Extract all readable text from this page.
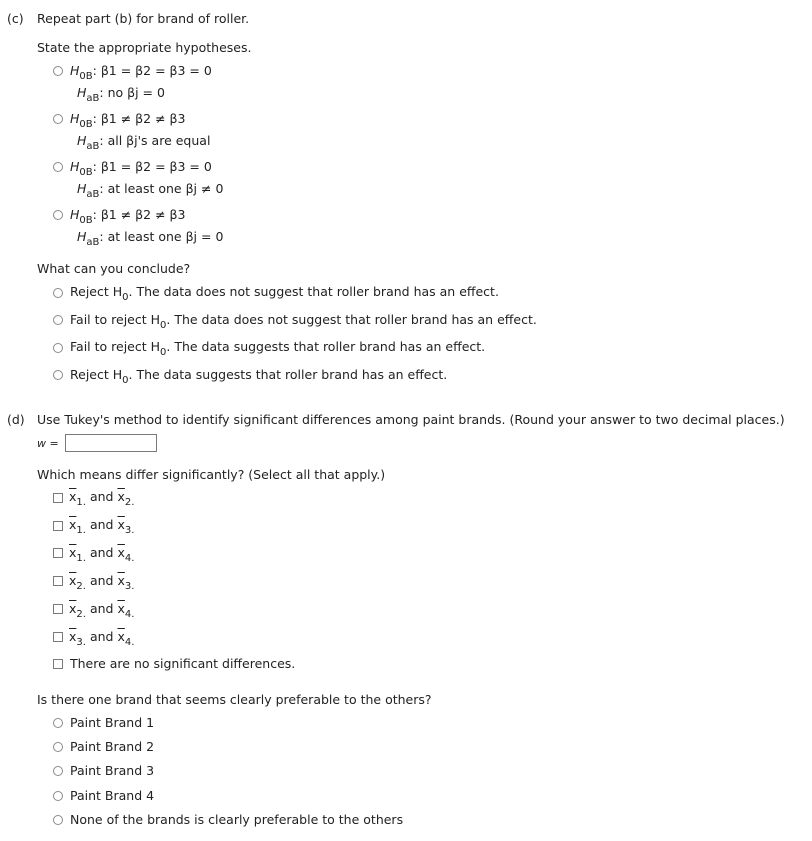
(c) Repeat part (b) for brand of roller.
State the appropriate hypotheses.
$H_{0B}$: β1 = β2 = β3 = 0
$H_{aB}$: no βj = 0
$H_{0B}$: β1 ≠ β2 ≠ β3
$H_{aB}$: all βj's are equal
$H_{0B}$: β1 = β2 = β3 = 0
$H_{aB}$: at least one βj ≠ 0
$H_{0B}$: β1 ≠ β2 ≠ β3
$H_{aB}$: at least one βj = 0
What can you conclude?
Reject $H_0$. The data does not suggest that roller brand has an effect.
Fail to reject $H_0$. The data does not suggest that roller brand has an effect.
Fail to reject $H_0$. The data suggests that roller brand has an effect.
Reject $H_0$. The data suggests that roller brand has an effect.
(d) Use Tukey's method to identify significant differences among paint brands. (Round your answer to two decimal places.)
w =
Which means differ significantly? (Select all that apply.)
$\overline{x}_{1.}$ and $\overline{x}_{2.}$
$\overline{x}_{1.}$ and $\overline{x}_{3.}$
$\overline{x}_{1.}$ and $\overline{x}_{4.}$
$\overline{x}_{2.}$ and $\overline{x}_{3.}$
$\overline{x}_{2.}$ and $\overline{x}_{4.}$
$\overline{x}_{3.}$ and $\overline{x}_{4.}$
There are no significant differences.
Is there one brand that seems clearly preferable to the others?
Paint Brand 1
Paint Brand 2
Paint Brand 3
Paint Brand 4
None of the brands is clearly preferable to the others
